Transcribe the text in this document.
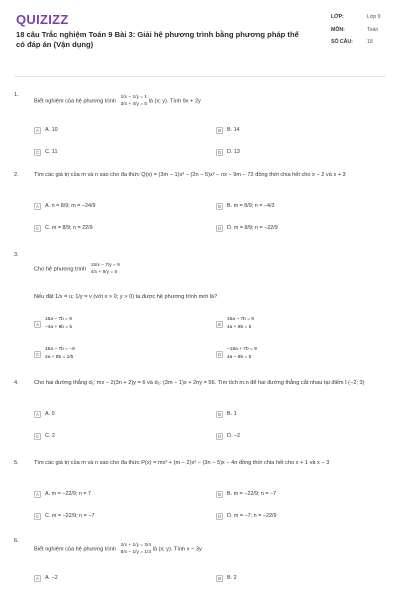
QUIZIZZ
18 câu Trắc nghiệm Toán 9 Bài 3: Giải hệ phương trình bằng phương pháp thế có đáp án (Vận dụng)
LỚP:	Lớp 9
MÔN:	Toán
SỐ CÂU:	18
1.
Biết nghiệm của hệ phương trình 1/x − 1/y = 1
3/x + 4/y = 5 là (x; y). Tính 9x + 2y
A	A. 10	B	B. 14
C	C. 11	D	D. 13
2.	Tìm các giá trị của m và n sao cho đa thức Q(x) = (3m − 1)x³ − (2n − 5)x² − nx − 9m − 72 đồng thời chia hết cho x − 2 và x + 3
A	A. n = 8/9; m = −24/9	B	B. m = 8/9; n = −4/3
C	C. m = 8/9; n = 22/9	D	D. m = 8/9; n = −22/9
3.
Cho hệ phương trình 15/x − 7/y = 9
4/x + 9/y = 5
Nếu đặt 1/x = u; 1/y = v (với x > 0; y > 0) ta được hệ phương trình mới là?
A
15a − 7b = 9
−4a + 9b = 5
B
15a − 7b = 9
4a + 9b = 5
C
15a − 7b = −9
4a + 9b = 1/5
D
−15a + 7b = 9
4a − 9b = 5
4.	Cho hai đường thẳng d₁: mx − 2(3n + 2)y = 6 và d₂: (3m − 1)x + 2ny = 56. Tìm tích m.n để hai đường thẳng cắt nhau tại điểm I (−2; 3)
A	A. 0	B	B. 1
C	C. 2	D	D. −2
5.	Tìm các giá trị của m và n sao cho đa thức P(x) = mx³ + (m − 2)x² − (3n − 5)x − 4n đồng thời chia hết cho x + 1 và x − 3
A	A. m = −22/9; n = 7	B	B. m = −22/9; n = −7
C	C. m = −22/9; n = −7	D	D. m = −7; n = −22/9
6.
Biết nghiệm của hệ phương trình 2/x + 1/y = 3/4
8/x − 1/y = 1/3 là (x; y). Tính x − 3y
A	A. −2	B	B. 2
